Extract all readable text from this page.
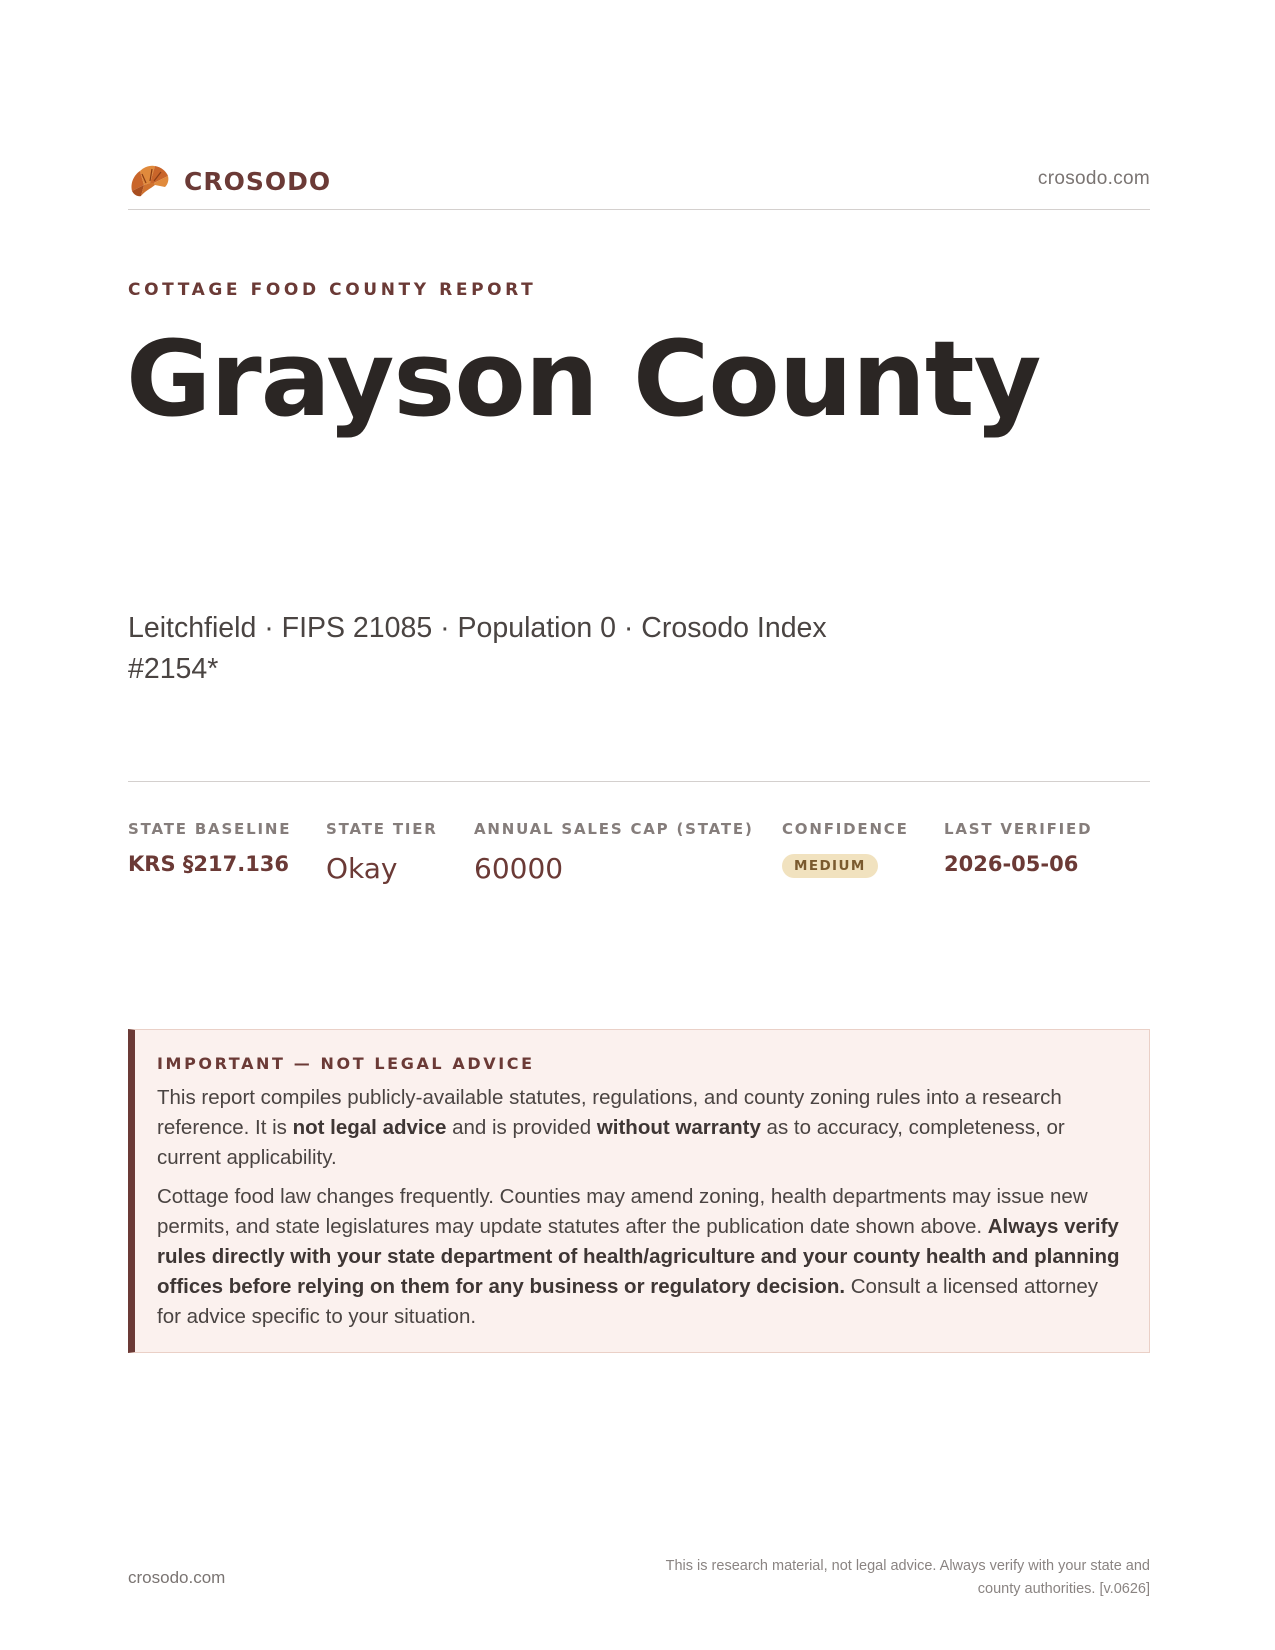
CROSODO	crosodo.com
COTTAGE FOOD COUNTY REPORT
Grayson County
Leitchfield · FIPS 21085 · Population 0 · Crosodo Index #2154*
STATE BASELINE
KRS §217.136
STATE TIER
Okay
ANNUAL SALES CAP (STATE)
60000
CONFIDENCE
MEDIUM
LAST VERIFIED
2026-05-06
IMPORTANT — NOT LEGAL ADVICE

This report compiles publicly-available statutes, regulations, and county zoning rules into a research reference. It is not legal advice and is provided without warranty as to accuracy, completeness, or current applicability.

Cottage food law changes frequently. Counties may amend zoning, health departments may issue new permits, and state legislatures may update statutes after the publication date shown above. Always verify rules directly with your state department of health/agriculture and your county health and planning offices before relying on them for any business or regulatory decision. Consult a licensed attorney for advice specific to your situation.

crosodo.com
This is research material, not legal advice. Always verify with your state and county authorities. [v.0626]
